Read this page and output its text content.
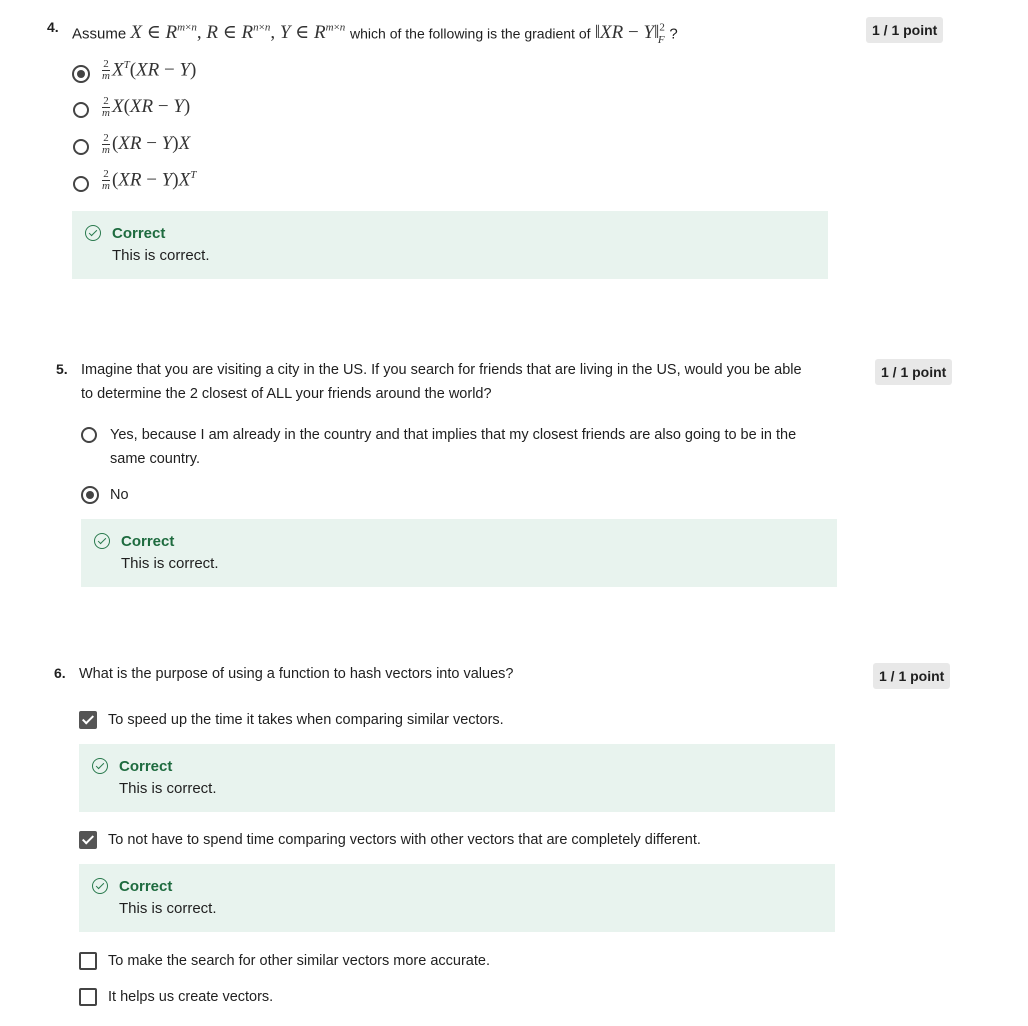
4. Assume X ∈ $R^{m\times n}$, R ∈ $R^{n\times n}$, Y ∈ $R^{m\times n}$ which of the following is the gradient of ‖XR − Y‖$^2_F$ ?	1 / 1 point
$\frac{2}{m} X^T(XR - Y)$
$\frac{2}{m} X(XR - Y)$
$\frac{2}{m} (XR - Y)X$
$\frac{2}{m} (XR - Y)X^T$
Correct
This is correct.
5. Imagine that you are visiting a city in the US. If you search for friends that are living in the US, would you be able
to determine the 2 closest of ALL your friends around the world?
1 / 1 point
Yes, because I am already in the country and that implies that my closest friends are also going to be in the
same country.
No
Correct
This is correct.
6. What is the purpose of using a function to hash vectors into values?	1 / 1 point
To speed up the time it takes when comparing similar vectors.
Correct
This is correct.
To not have to spend time comparing vectors with other vectors that are completely different.
Correct
This is correct.
To make the search for other similar vectors more accurate.
It helps us create vectors.
